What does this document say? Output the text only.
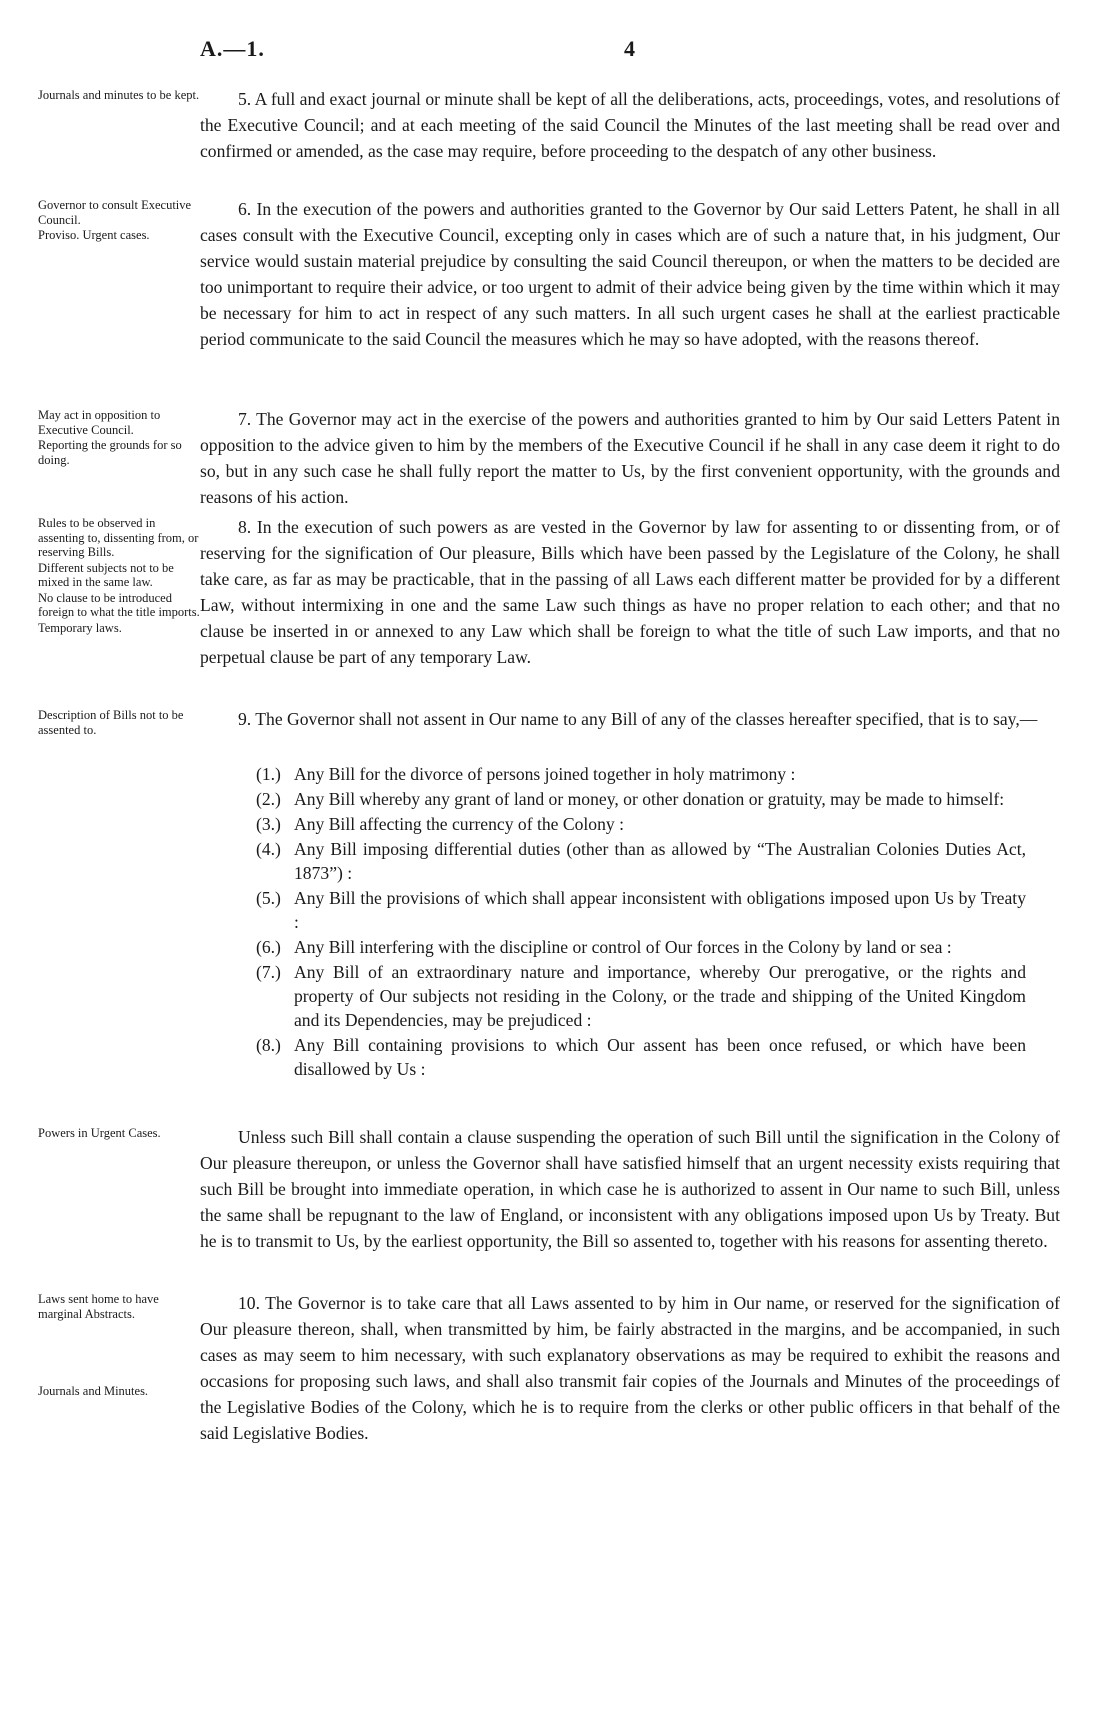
A.—1.	4
Journals and minutes to be kept.	5. A full and exact journal or minute shall be kept of all the deliberations, acts, proceedings, votes, and resolutions of the Executive Council; and at each meeting of the said Council the Minutes of the last meeting shall be read over and confirmed or amended, as the case may require, before proceeding to the despatch of any other business.

Governor to consult Executive Council.
Proviso. Urgent cases.

6. In the execution of the powers and authorities granted to the Governor by Our said Letters Patent, he shall in all cases consult with the Executive Council, excepting only in cases which are of such a nature that, in his judgment, Our service would sustain material prejudice by consulting the said Council thereupon, or when the matters to be decided are too unimportant to require their advice, or too urgent to admit of their advice being given by the time within which it may be necessary for him to act in respect of any such matters. In all such urgent cases he shall at the earliest practicable period communicate to the said Council the measures which he may so have adopted, with the reasons thereof.

May act in opposition to Executive Council.
Reporting the grounds for so doing.

7. The Governor may act in the exercise of the powers and authorities granted to him by Our said Letters Patent in opposition to the advice given to him by the members of the Executive Council if he shall in any case deem it right to do so, but in any such case he shall fully report the matter to Us, by the first convenient opportunity, with the grounds and reasons of his action.

Rules to be observed in assenting to, dissenting from, or reserving Bills.
Different subjects not to be mixed in the same law.
No clause to be introduced foreign to what the title imports.
Temporary laws.

8. In the execution of such powers as are vested in the Governor by law for assenting to or dissenting from, or of reserving for the signification of Our pleasure, Bills which have been passed by the Legislature of the Colony, he shall take care, as far as may be practicable, that in the passing of all Laws each different matter be provided for by a different Law, without intermixing in one and the same Law such things as have no proper relation to each other; and that no clause be inserted in or annexed to any Law which shall be foreign to what the title of such Law imports, and that no perpetual clause be part of any temporary Law.

Description of Bills not to be assented to.

9. The Governor shall not assent in Our name to any Bill of any of the classes hereafter specified, that is to say,—

(1.) Any Bill for the divorce of persons joined together in holy matrimony :
(2.) Any Bill whereby any grant of land or money, or other donation or gratuity, may be made to himself:
(3.) Any Bill affecting the currency of the Colony :
(4.) Any Bill imposing differential duties (other than as allowed by “The Australian Colonies Duties Act, 1873”) :
(5.) Any Bill the provisions of which shall appear inconsistent with obligations imposed upon Us by Treaty :
(6.) Any Bill interfering with the discipline or control of Our forces in the Colony by land or sea :
(7.) Any Bill of an extraordinary nature and importance, whereby Our prerogative, or the rights and property of Our subjects not residing in the Colony, or the trade and shipping of the United Kingdom and its Dependencies, may be prejudiced :
(8.) Any Bill containing provisions to which Our assent has been once refused, or which have been disallowed by Us :
Powers in Urgent Cases.	Unless such Bill shall contain a clause suspending the operation of such Bill until the signification in the Colony of Our pleasure thereupon, or unless the Governor shall have satisfied himself that an urgent necessity exists requiring that such Bill be brought into immediate operation, in which case he is authorized to assent in Our name to such Bill, unless the same shall be repugnant to the law of England, or inconsistent with any obligations imposed upon Us by Treaty. But he is to transmit to Us, by the earliest opportunity, the Bill so assented to, together with his reasons for assenting thereto.

Laws sent home to have marginal Abstracts.
Journals and Minutes.

10. The Governor is to take care that all Laws assented to by him in Our name, or reserved for the signification of Our pleasure thereon, shall, when transmitted by him, be fairly abstracted in the margins, and be accompanied, in such cases as may seem to him necessary, with such explanatory observations as may be required to exhibit the reasons and occasions for proposing such laws, and shall also transmit fair copies of the Journals and Minutes of the proceedings of the Legislative Bodies of the Colony, which he is to require from the clerks or other public officers in that behalf of the said Legislative Bodies.
